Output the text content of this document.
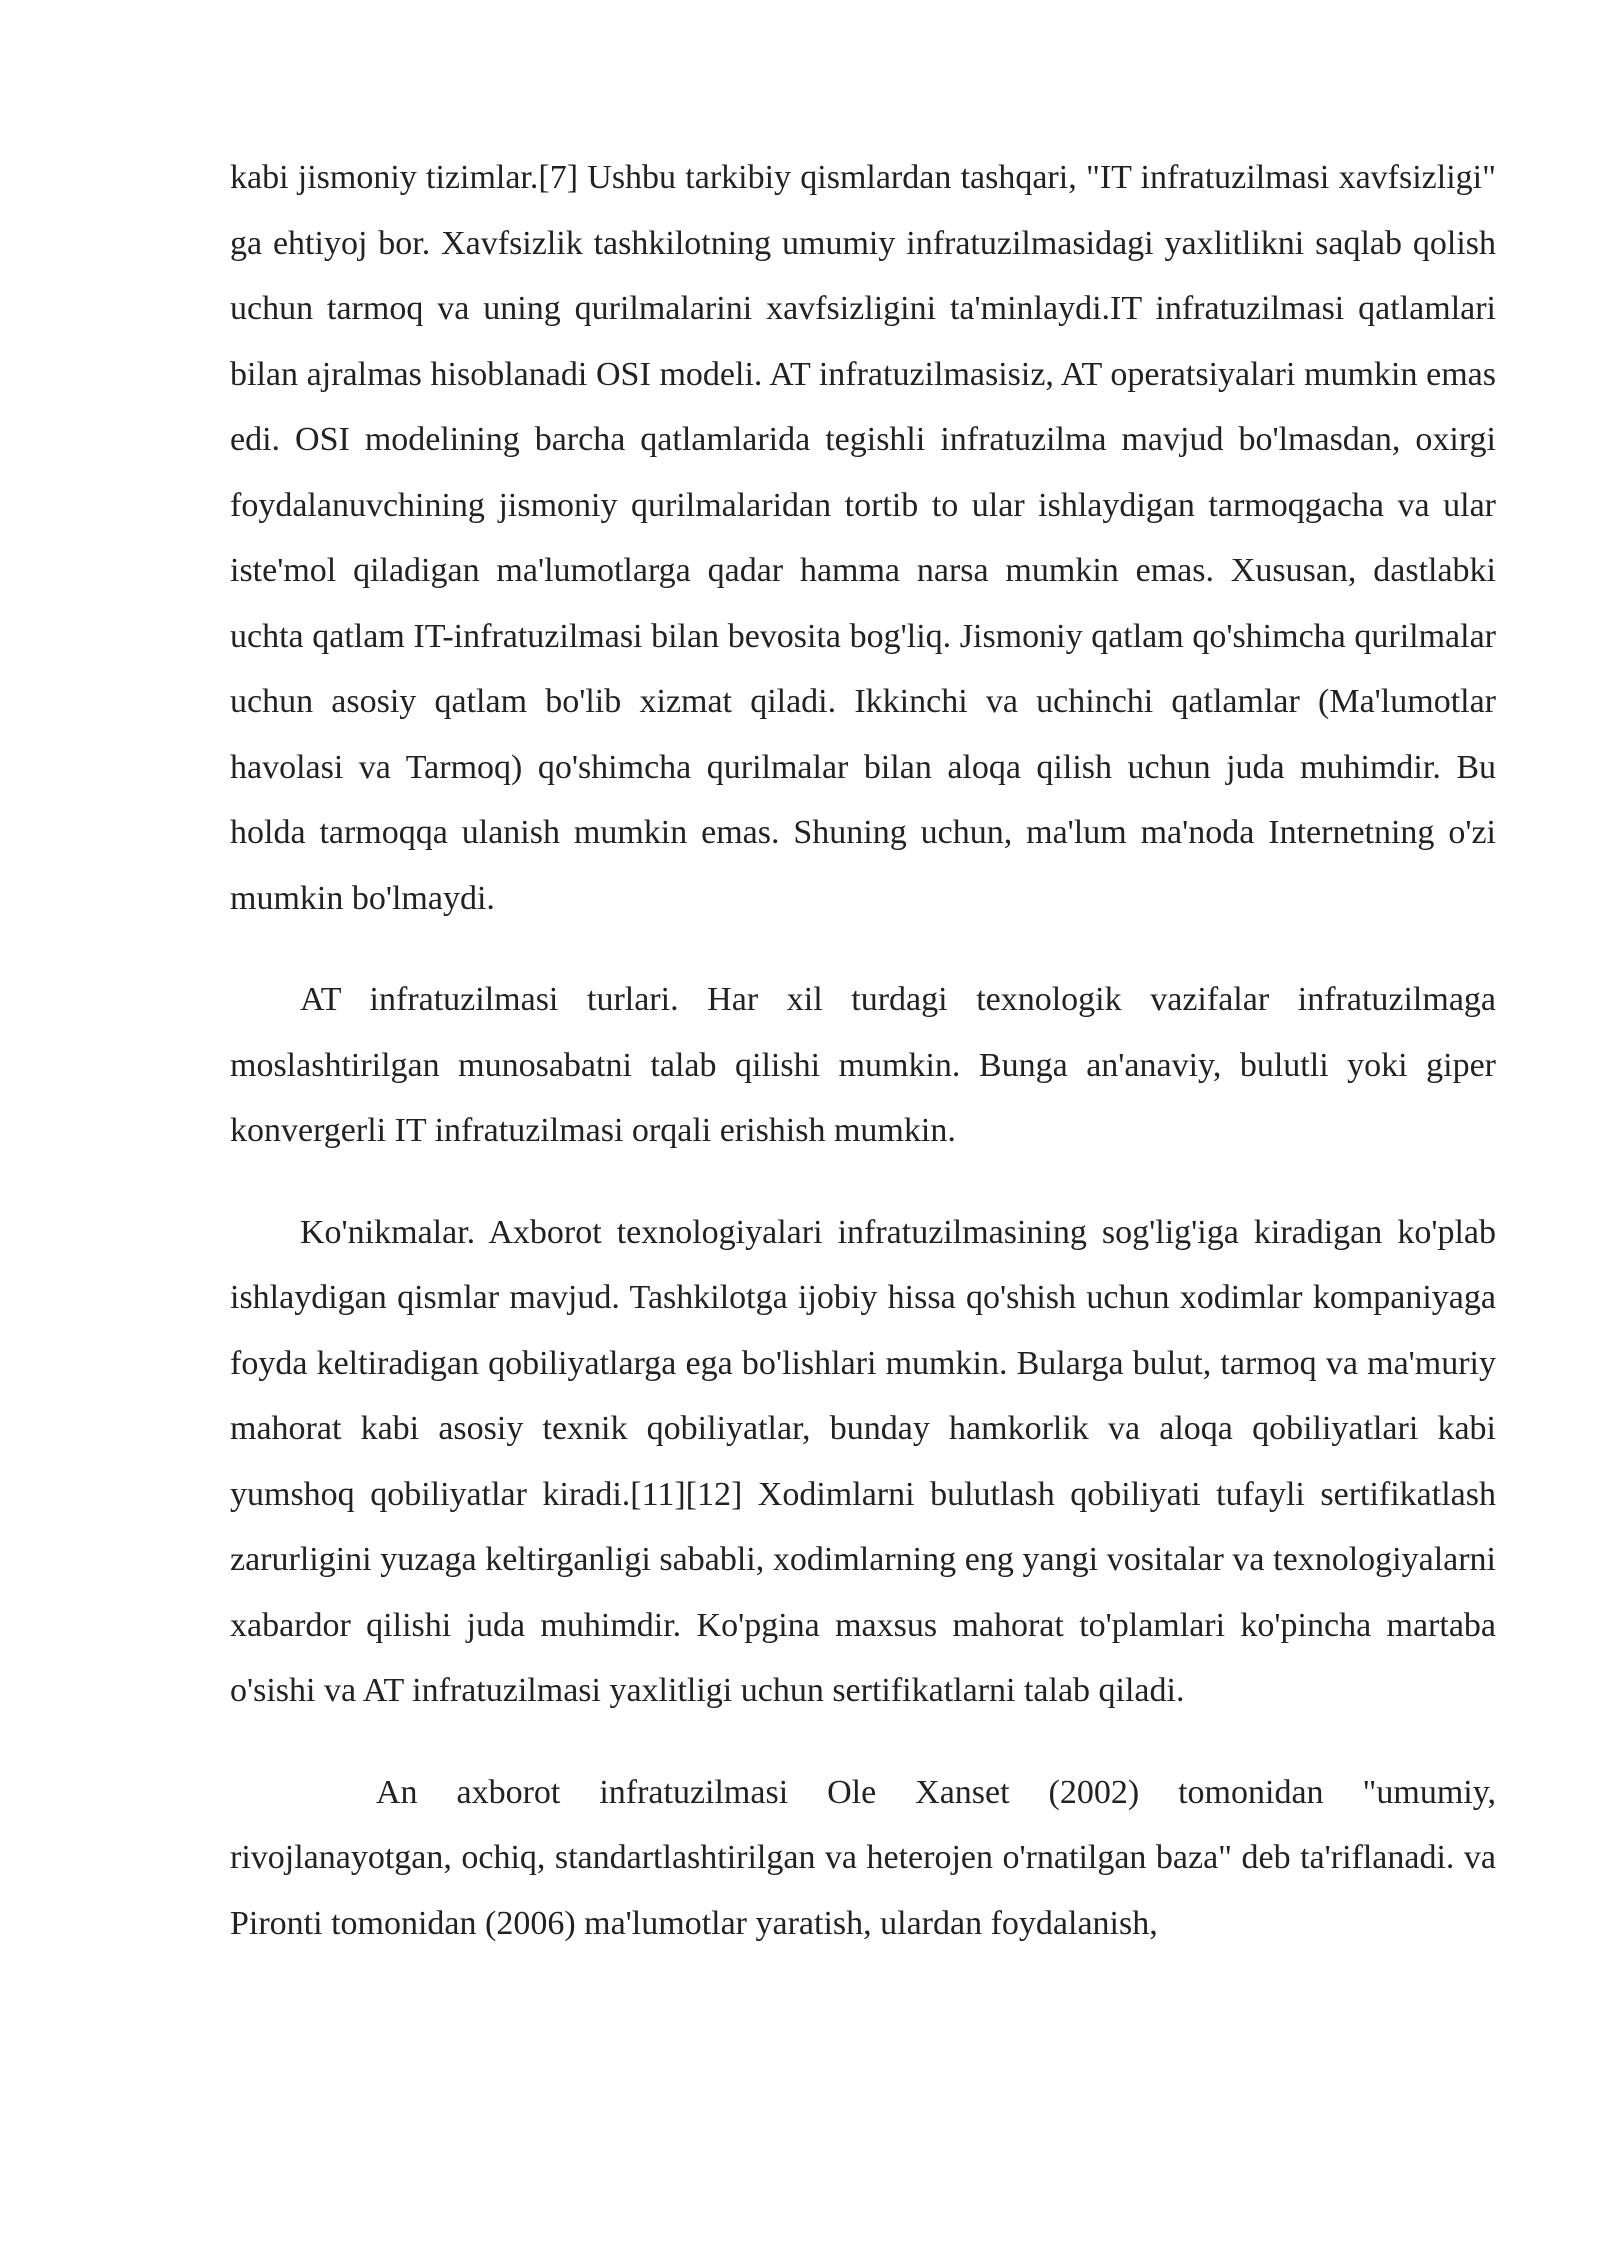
kabi jismoniy tizimlar.[7] Ushbu tarkibiy qismlardan tashqari, "IT infratuzilmasi xavfsizligi" ga ehtiyoj bor. Xavfsizlik tashkilotning umumiy infratuzilmasidagi yaxlitlikni saqlab qolish uchun tarmoq va uning qurilmalarini xavfsizligini ta'minlaydi.IT infratuzilmasi qatlamlari bilan ajralmas hisoblanadi OSI modeli. AT infratuzilmasisiz, AT operatsiyalari mumkin emas edi. OSI modelining barcha qatlamlarida tegishli infratuzilma mavjud bo'lmasdan, oxirgi foydalanuvchining jismoniy qurilmalaridan tortib to ular ishlaydigan tarmoqgacha va ular iste'mol qiladigan ma'lumotlarga qadar hamma narsa mumkin emas. Xususan, dastlabki uchta qatlam IT-infratuzilmasi bilan bevosita bog'liq. Jismoniy qatlam qo'shimcha qurilmalar uchun asosiy qatlam bo'lib xizmat qiladi. Ikkinchi va uchinchi qatlamlar (Ma'lumotlar havolasi va Tarmoq) qo'shimcha qurilmalar bilan aloqa qilish uchun juda muhimdir. Bu holda tarmoqqa ulanish mumkin emas. Shuning uchun, ma'lum ma'noda Internetning o'zi mumkin bo'lmaydi.

AT infratuzilmasi turlari. Har xil turdagi texnologik vazifalar infratuzilmaga moslashtirilgan munosabatni talab qilishi mumkin. Bunga an'anaviy, bulutli yoki giper konvergerli IT infratuzilmasi orqali erishish mumkin.

Ko'nikmalar. Axborot texnologiyalari infratuzilmasining sog'lig'iga kiradigan ko'plab ishlaydigan qismlar mavjud. Tashkilotga ijobiy hissa qo'shish uchun xodimlar kompaniyaga foyda keltiradigan qobiliyatlarga ega bo'lishlari mumkin. Bularga bulut, tarmoq va ma'muriy mahorat kabi asosiy texnik qobiliyatlar, bunday hamkorlik va aloqa qobiliyatlari kabi yumshoq qobiliyatlar kiradi.[11][12] Xodimlarni bulutlash qobiliyati tufayli sertifikatlash zarurligini yuzaga keltirganligi sababli, xodimlarning eng yangi vositalar va texnologiyalarni xabardor qilishi juda muhimdir. Ko'pgina maxsus mahorat to'plamlari ko'pincha martaba o'sishi va AT infratuzilmasi yaxlitligi uchun sertifikatlarni talab qiladi.

An axborot infratuzilmasi Ole Xanset (2002) tomonidan "umumiy, rivojlanayotgan, ochiq, standartlashtirilgan va heterojen o'rnatilgan baza" deb ta'riflanadi. va Pironti tomonidan (2006) ma'lumotlar yaratish, ulardan foydalanish,
